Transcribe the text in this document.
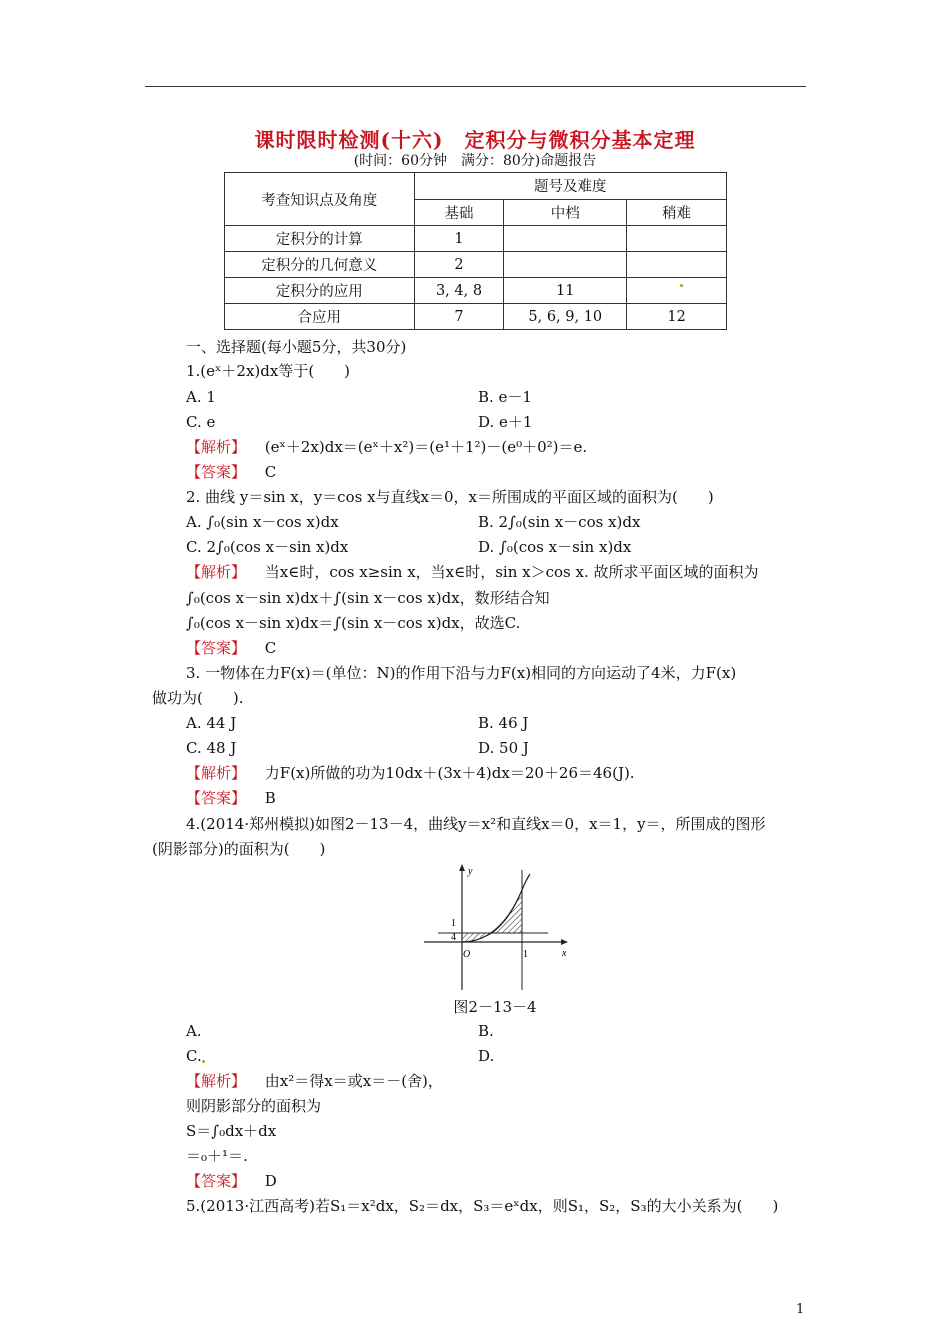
课时限时检测(十六)　定积分与微积分基本定理
(时间：60分钟　满分：80分)命题报告
考查知识点及角度	题号及难度		
	基础	中档	稍难
定积分的计算	1		
定积分的几何意义	2		
定积分的应用	3, 4, 8	11	
合应用	7	5, 6, 9, 10	12
一、选择题(每小题5分，共30分)
1.(eˣ＋2x)dx等于(　　)
A. 1	B. e－1
C. e	D. e＋1
【解析】 (eˣ＋2x)dx＝(eˣ＋x²)＝(e¹＋1²)－(e⁰＋0²)＝e.
【答案】 C
2. 曲线 y＝sin x，y＝cos x与直线x＝0，x＝所围成的平面区域的面积为(　　)
A. ∫₀(sin x－cos x)dx	B. 2∫₀(sin x－cos x)dx
C. 2∫₀(cos x－sin x)dx	D. ∫₀(cos x－sin x)dx
【解析】 当x∈时，cos x≥sin x，当x∈时，sin x＞cos x. 故所求平面区域的面积为
∫₀(cos x－sin x)dx＋∫(sin x－cos x)dx，数形结合知
∫₀(cos x－sin x)dx＝∫(sin x－cos x)dx，故选C.
【答案】 C
3. 一物体在力F(x)＝(单位：N)的作用下沿与力F(x)相同的方向运动了4米，力F(x)
做功为(　　).
A. 44 J	B. 46 J
C. 48 J	D. 50 J
【解析】 力F(x)所做的功为10dx＋(3x＋4)dx＝20＋26＝46(J).
【答案】 B
4.(2014·郑州模拟)如图2－13－4，曲线y＝x²和直线x＝0，x＝1，y＝，所围成的图形
(阴影部分)的面积为(　　)
y
x
O	1
1
4
图2－13－4
A.	B.
C.	D.
【解析】 由x²＝得x＝或x＝－(舍)，
则阴影部分的面积为
S＝∫₀dx＋dx
＝₀＋¹＝.
【答案】 D
5.(2013·江西高考)若S₁＝x²dx，S₂＝dx，S₃＝eˣdx，则S₁，S₂，S₃的大小关系为(　　)
1
